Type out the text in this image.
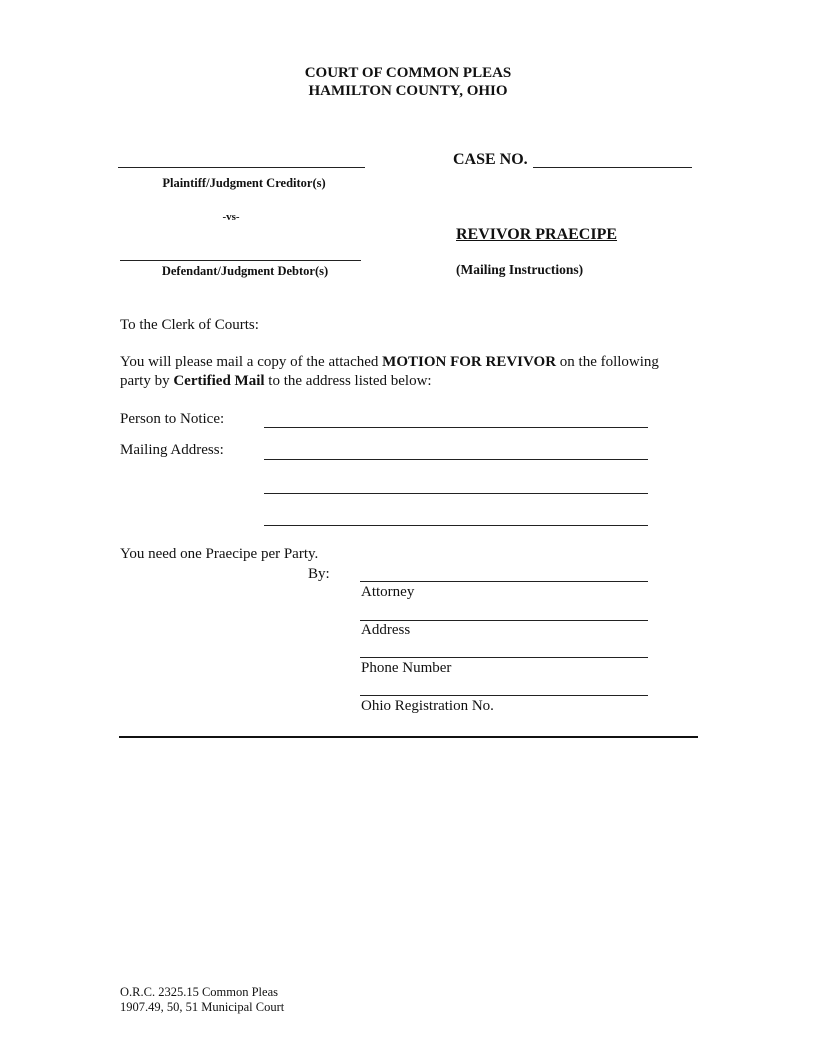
COURT OF COMMON PLEAS
HAMILTON COUNTY, OHIO
Plaintiff/Judgment Creditor(s)
-vs-
Defendant/Judgment Debtor(s)
CASE NO.
REVIVOR PRAECIPE
(Mailing Instructions)
To the Clerk of Courts:
You will please mail a copy of the attached MOTION FOR REVIVOR on the following
party by Certified Mail to the address listed below:
Person to Notice:
Mailing Address:
You need one Praecipe per Party.
By:
Attorney
Address
Phone Number
Ohio Registration No.
O.R.C. 2325.15 Common Pleas
1907.49, 50, 51 Municipal Court
